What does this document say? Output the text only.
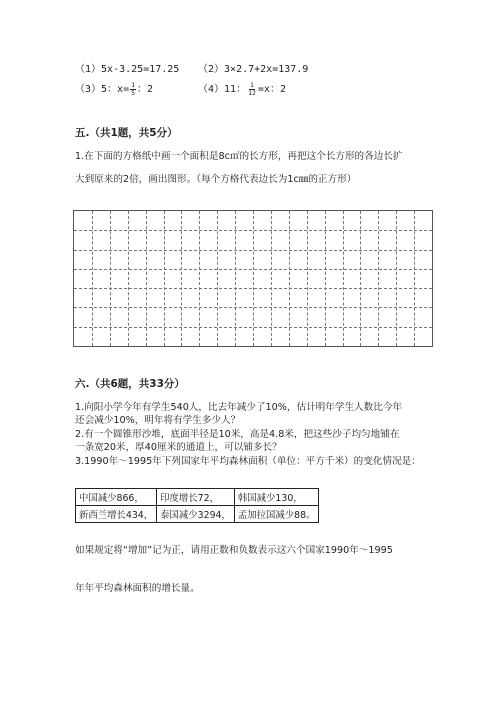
（1）5x-3.25=17.25 （2）3×2.7+2x=137.9
（3）5：$x= \frac{1}{5}$ ：2	（4）11： $\frac{1}{12} =x$：2
五.（共1题，共5分）
1.在下面的方格纸中画一个面积是8c㎡的长方形，再把这个长方形的各边长扩
大到原来的2倍，画出图形。（每个方格代表边长为1c㎜的正方形）
六.（共6题，共33分）
1.向阳小学今年有学生540人，比去年减少了10%，估计明年学生人数比今年
还会减少10%，明年将有学生多少人？
2.有一个圆锥形沙堆，底面半径是10米，高是4.8米，把这些沙子均匀地铺在
一条宽20米，厚40厘米的通道上，可以铺多长？
3.1990年～1995年下列国家年平均森林面积（单位：平方千米）的变化情况是：
中国减少866，	印度增长72，	韩国减少130，
新西兰增长434，	泰国减少3294，	孟加拉国减少88。
如果规定将“增加”记为正，请用正数和负数表示这六个国家1990年～1995
年年平均森林面积的增长量。
